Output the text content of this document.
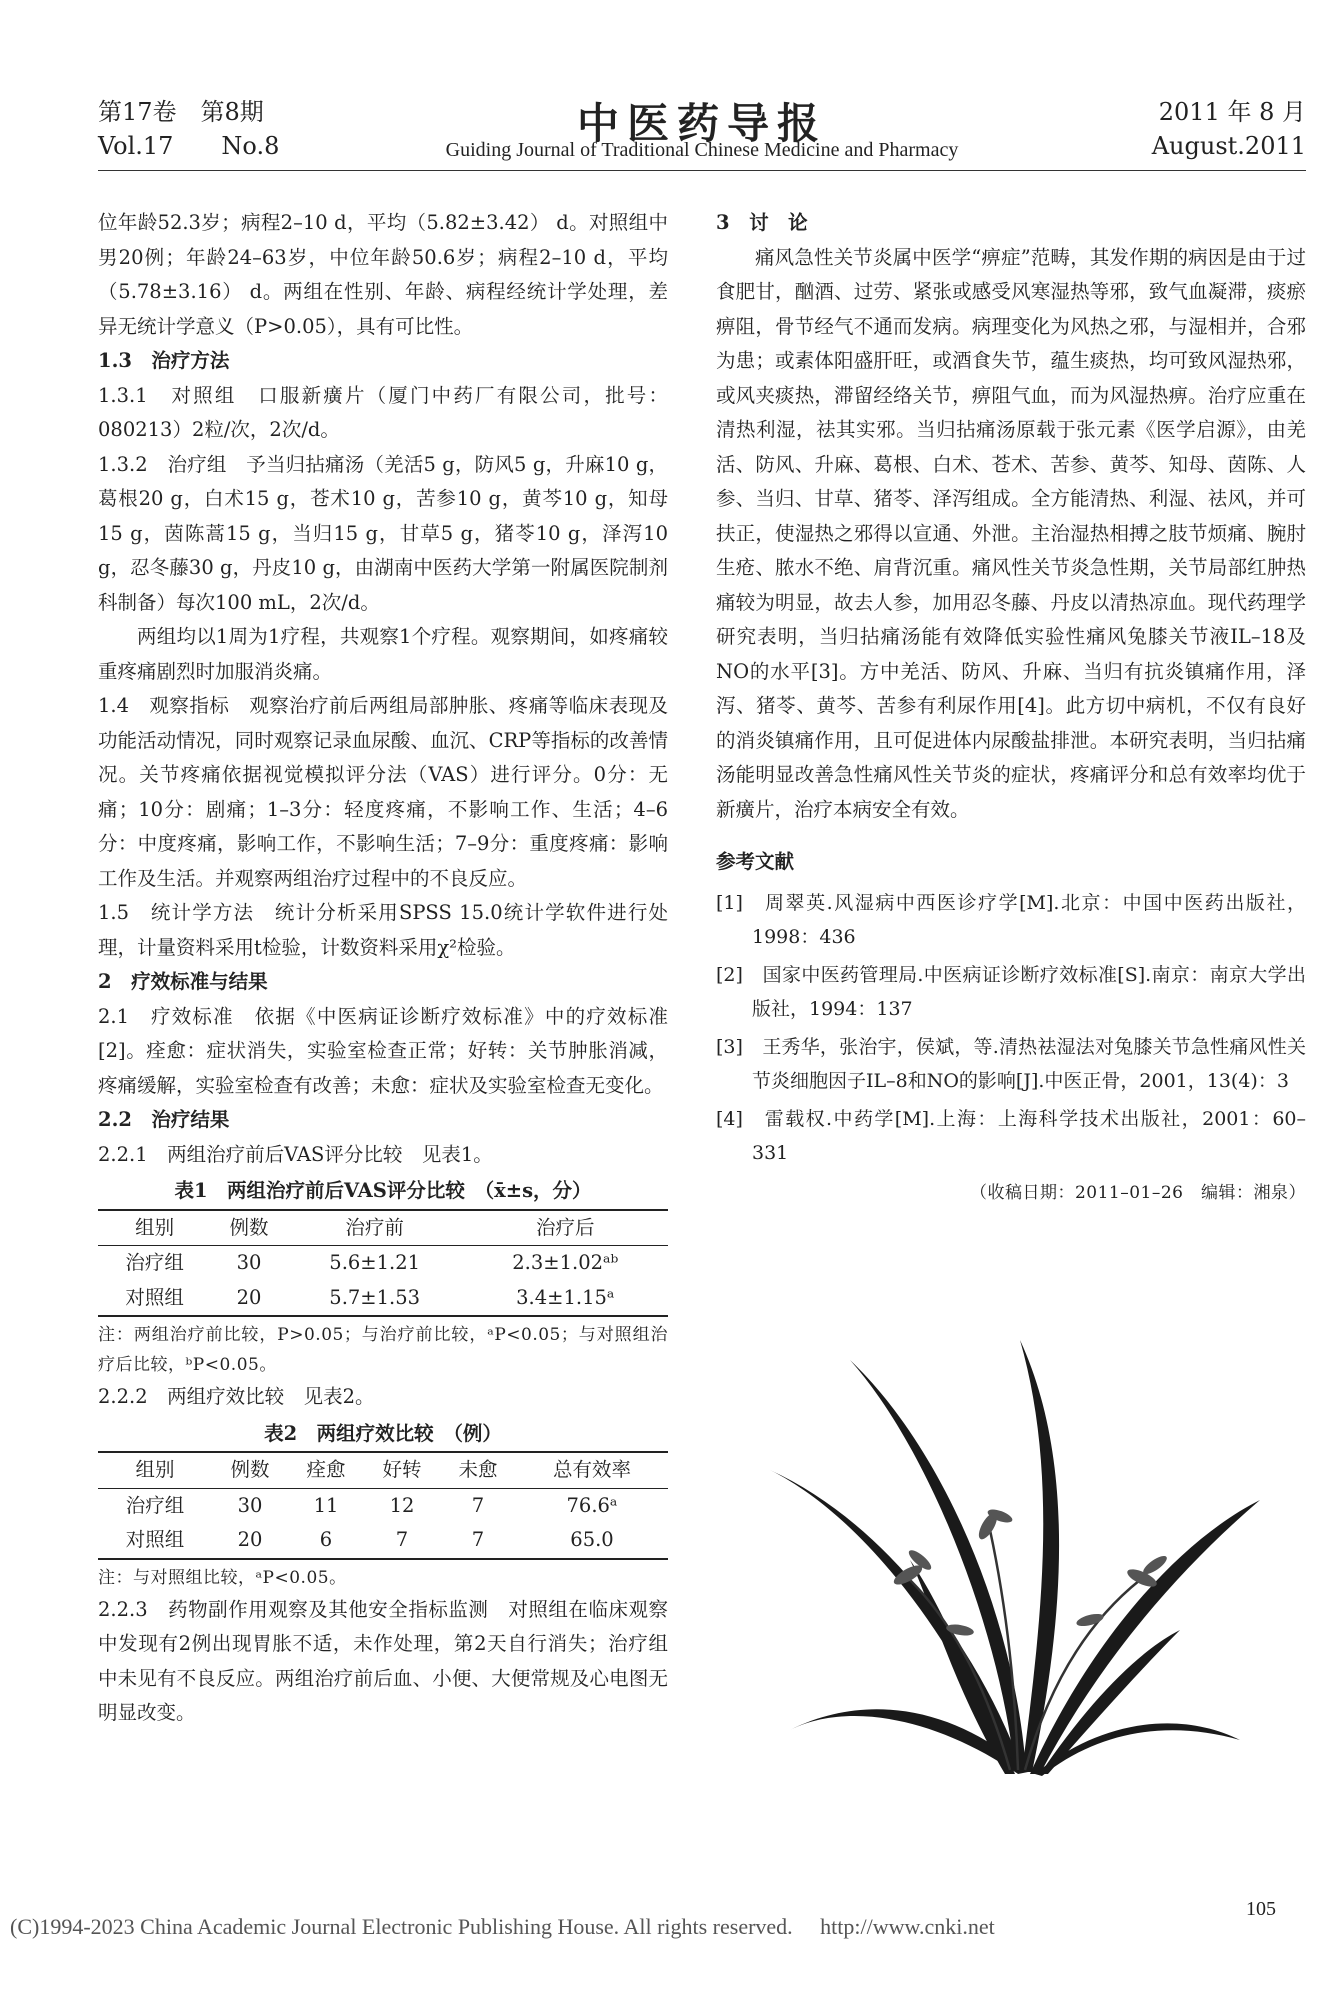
第17卷　第8期
Vol.17　　No.8	中医药导报
Guiding Journal of Traditional Chinese Medicine and Pharmacy
2011 年 8 月
August.2011

位年龄52.3岁；病程2–10 d，平均（5.82±3.42） d。对照组中男20例；年龄24–63岁，中位年龄50.6岁；病程2–10 d，平均（5.78±3.16） d。两组在性别、年龄、病程经统计学处理，差异无统计学意义（P>0.05），具有可比性。

1.3　治疗方法

1.3.1　对照组　口服新癀片（厦门中药厂有限公司，批号：080213）2粒/次，2次/d。

1.3.2　治疗组　予当归拈痛汤（羌活5 g，防风5 g，升麻10 g，葛根20 g，白术15 g，苍术10 g，苦参10 g，黄芩10 g，知母15 g，茵陈蒿15 g，当归15 g，甘草5 g，猪苓10 g，泽泻10 g，忍冬藤30 g，丹皮10 g，由湖南中医药大学第一附属医院制剂科制备）每次100 mL，2次/d。

两组均以1周为1疗程，共观察1个疗程。观察期间，如疼痛较重疼痛剧烈时加服消炎痛。

1.4　观察指标　观察治疗前后两组局部肿胀、疼痛等临床表现及功能活动情况，同时观察记录血尿酸、血沉、CRP等指标的改善情况。关节疼痛依据视觉模拟评分法（VAS）进行评分。0分：无痛；10分：剧痛；1–3分：轻度疼痛，不影响工作、生活；4–6分：中度疼痛，影响工作，不影响生活；7–9分：重度疼痛：影响工作及生活。并观察两组治疗过程中的不良反应。

1.5　统计学方法　统计分析采用SPSS 15.0统计学软件进行处理，计量资料采用t检验，计数资料采用χ²检验。

2　疗效标准与结果

2.1　疗效标准　依据《中医病证诊断疗效标准》中的疗效标准[2]。痊愈：症状消失，实验室检查正常；好转：关节肿胀消减，疼痛缓解，实验室检查有改善；未愈：症状及实验室检查无变化。

2.2　治疗结果

2.2.1　两组治疗前后VAS评分比较　见表1。

表1　两组治疗前后VAS评分比较　（x̄±s，分）
组别	例数	治疗前	治疗后
治疗组	30	5.6±1.21	2.3±1.02ᵃᵇ
对照组	20	5.7±1.53	3.4±1.15ᵃ

注：两组治疗前比较，P>0.05；与治疗前比较，ᵃP<0.05；与对照组治疗后比较，ᵇP<0.05。

2.2.2　两组疗效比较　见表2。

表2　两组疗效比较　（例）
组别	例数	痊愈	好转	未愈	总有效率
治疗组	30	11	12	7	76.6ᵃ
对照组	20	6	7	7	65.0

注：与对照组比较，ᵃP<0.05。

2.2.3　药物副作用观察及其他安全指标监测　对照组在临床观察中发现有2例出现胃胀不适，未作处理，第2天自行消失；治疗组中未见有不良反应。两组治疗前后血、小便、大便常规及心电图无明显改变。

3　讨　论

痛风急性关节炎属中医学“痹症”范畴，其发作期的病因是由于过食肥甘，酗酒、过劳、紧张或感受风寒湿热等邪，致气血凝滞，痰瘀痹阻，骨节经气不通而发病。病理变化为风热之邪，与湿相并，合邪为患；或素体阳盛肝旺，或酒食失节，蕴生痰热，均可致风湿热邪，或风夹痰热，滞留经络关节，痹阻气血，而为风湿热痹。治疗应重在清热利湿，祛其实邪。当归拈痛汤原载于张元素《医学启源》，由羌活、防风、升麻、葛根、白术、苍术、苦参、黄芩、知母、茵陈、人参、当归、甘草、猪苓、泽泻组成。全方能清热、利湿、祛风，并可扶正，使湿热之邪得以宣通、外泄。主治湿热相搏之肢节烦痛、腕肘生疮、脓水不绝、肩背沉重。痛风性关节炎急性期，关节局部红肿热痛较为明显，故去人参，加用忍冬藤、丹皮以清热凉血。现代药理学研究表明，当归拈痛汤能有效降低实验性痛风兔膝关节液IL–18及NO的水平[3]。方中羌活、防风、升麻、当归有抗炎镇痛作用，泽泻、猪苓、黄芩、苦参有利尿作用[4]。此方切中病机，不仅有良好的消炎镇痛作用，且可促进体内尿酸盐排泄。本研究表明，当归拈痛汤能明显改善急性痛风性关节炎的症状，疼痛评分和总有效率均优于新癀片，治疗本病安全有效。

参考文献

[1]　周翠英.风湿病中西医诊疗学[M].北京：中国中医药出版社，1998：436

[2]　国家中医药管理局.中医病证诊断疗效标准[S].南京：南京大学出版社，1994：137

[3]　王秀华，张治宇，侯斌，等.清热祛湿法对兔膝关节急性痛风性关节炎细胞因子IL–8和NO的影响[J].中医正骨，2001，13(4)：3

[4]　雷载权.中药学[M].上海：上海科学技术出版社，2001：60–331

（收稿日期：2011–01–26　编辑：湘泉）

(C)1994-2023 China Academic Journal Electronic Publishing House. All rights reserved.　 http://www.cnki.net
105
